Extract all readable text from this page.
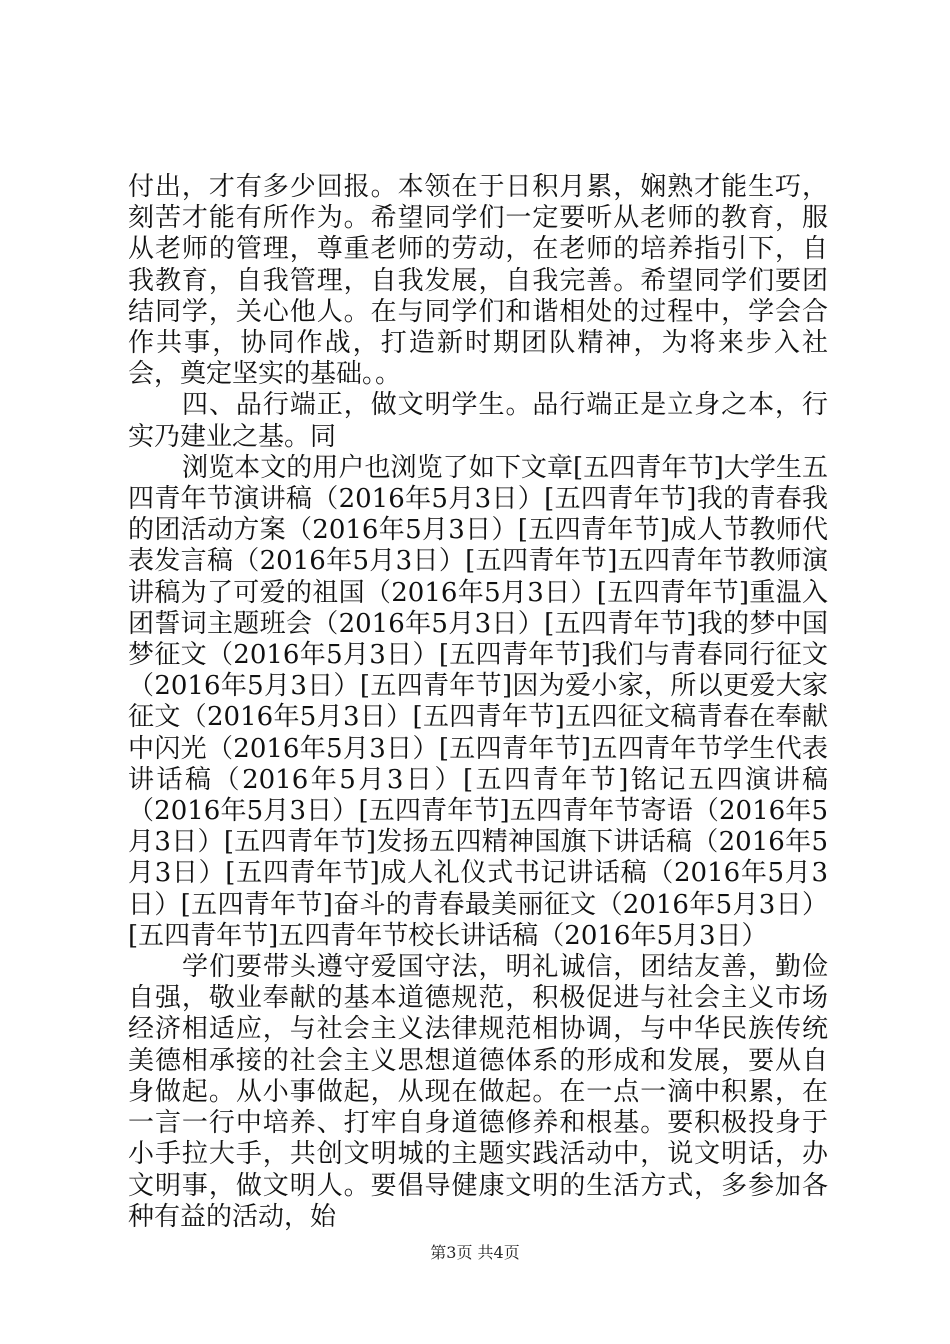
付出，才有多少回报。本领在于日积月累，娴熟才能生巧，刻苦才能有所作为。希望同学们一定要听从老师的教育，服从老师的管理，尊重老师的劳动，在老师的培养指引下，自我教育，自我管理，自我发展，自我完善。希望同学们要团结同学，关心他人。在与同学们和谐相处的过程中，学会合作共事，协同作战，打造新时期团队精神，为将来步入社会，奠定坚实的基础。。

四、品行端正，做文明学生。品行端正是立身之本，行实乃建业之基。同

浏览本文的用户也浏览了如下文章[五四青年节]大学生五四青年节演讲稿（2016年5月3日）[五四青年节]我的青春我的团活动方案（2016年5月3日）[五四青年节]成人节教师代表发言稿（2016年5月3日）[五四青年节]五四青年节教师演讲稿为了可爱的祖国（2016年5月3日）[五四青年节]重温入团誓词主题班会（2016年5月3日）[五四青年节]我的梦中国梦征文（2016年5月3日）[五四青年节]我们与青春同行征文（2016年5月3日）[五四青年节]因为爱小家，所以更爱大家征文（2016年5月3日）[五四青年节]五四征文稿青春在奉献中闪光（2016年5月3日）[五四青年节]五四青年节学生代表讲话稿（2016年5月3日）[五四青年节]铭记五四演讲稿（2016年5月3日）[五四青年节]五四青年节寄语（2016年5月3日）[五四青年节]发扬五四精神国旗下讲话稿（2016年5月3日）[五四青年节]成人礼仪式书记讲话稿（2016年5月3日）[五四青年节]奋斗的青春最美丽征文（2016年5月3日）[五四青年节]五四青年节校长讲话稿（2016年5月3日）

学们要带头遵守爱国守法，明礼诚信，团结友善，勤俭自强，敬业奉献的基本道德规范，积极促进与社会主义市场经济相适应，与社会主义法律规范相协调，与中华民族传统美德相承接的社会主义思想道德体系的形成和发展，要从自身做起。从小事做起，从现在做起。在一点一滴中积累，在一言一行中培养、打牢自身道德修养和根基。要积极投身于小手拉大手，共创文明城的主题实践活动中，说文明话，办文明事，做文明人。要倡导健康文明的生活方式，多参加各种有益的活动，始

第3页 共4页
